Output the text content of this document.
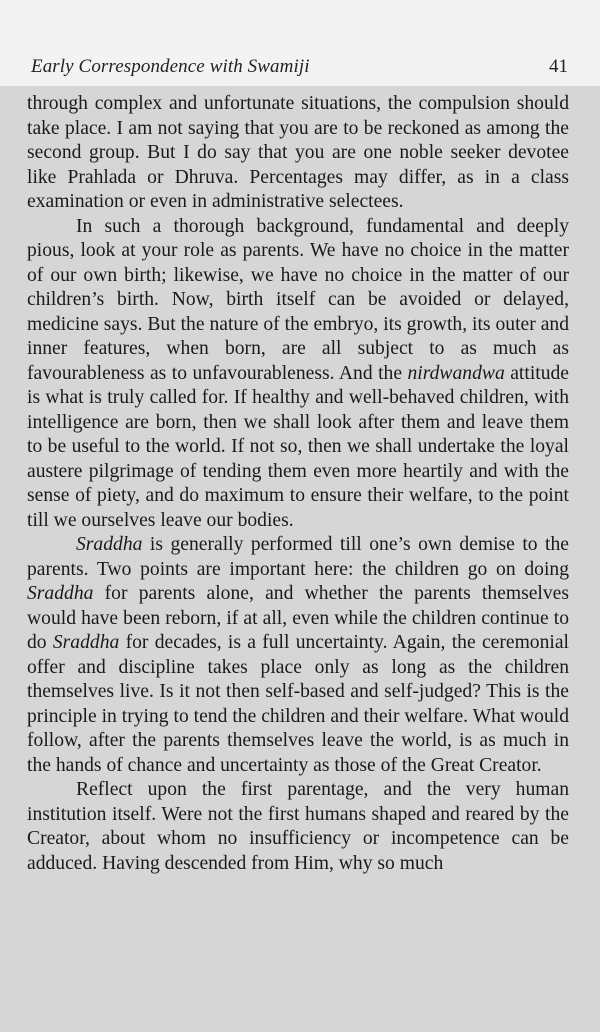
Early Correspondence with Swamiji	41

through complex and unfortunate situations, the compulsion should take place. I am not saying that you are to be reckoned as among the second group. But I do say that you are one noble seeker devotee like Prahlada or Dhruva. Percentages may differ, as in a class examination or even in administrative selectees.

In such a thorough background, fundamental and deeply pious, look at your role as parents. We have no choice in the matter of our own birth; likewise, we have no choice in the matter of our children’s birth. Now, birth itself can be avoided or delayed, medicine says. But the nature of the embryo, its growth, its outer and inner features, when born, are all subject to as much as favourableness as to unfavourableness. And the nirdwandwa attitude is what is truly called for. If healthy and well-behaved children, with intelligence are born, then we shall look after them and leave them to be useful to the world. If not so, then we shall undertake the loyal austere pilgrimage of tending them even more heartily and with the sense of piety, and do maximum to ensure their welfare, to the point till we ourselves leave our bodies.

Sraddha is generally performed till one’s own demise to the parents. Two points are important here: the children go on doing Sraddha for parents alone, and whether the parents themselves would have been reborn, if at all, even while the children continue to do Sraddha for decades, is a full uncertainty. Again, the ceremonial offer and discipline takes place only as long as the children themselves live. Is it not then self-based and self-judged? This is the principle in trying to tend the children and their welfare. What would follow, after the parents themselves leave the world, is as much in the hands of chance and uncertainty as those of the Great Creator.

Reflect upon the first parentage, and the very human institution itself. Were not the first humans shaped and reared by the Creator, about whom no insufficiency or incompetence can be adduced. Having descended from Him, why so much
